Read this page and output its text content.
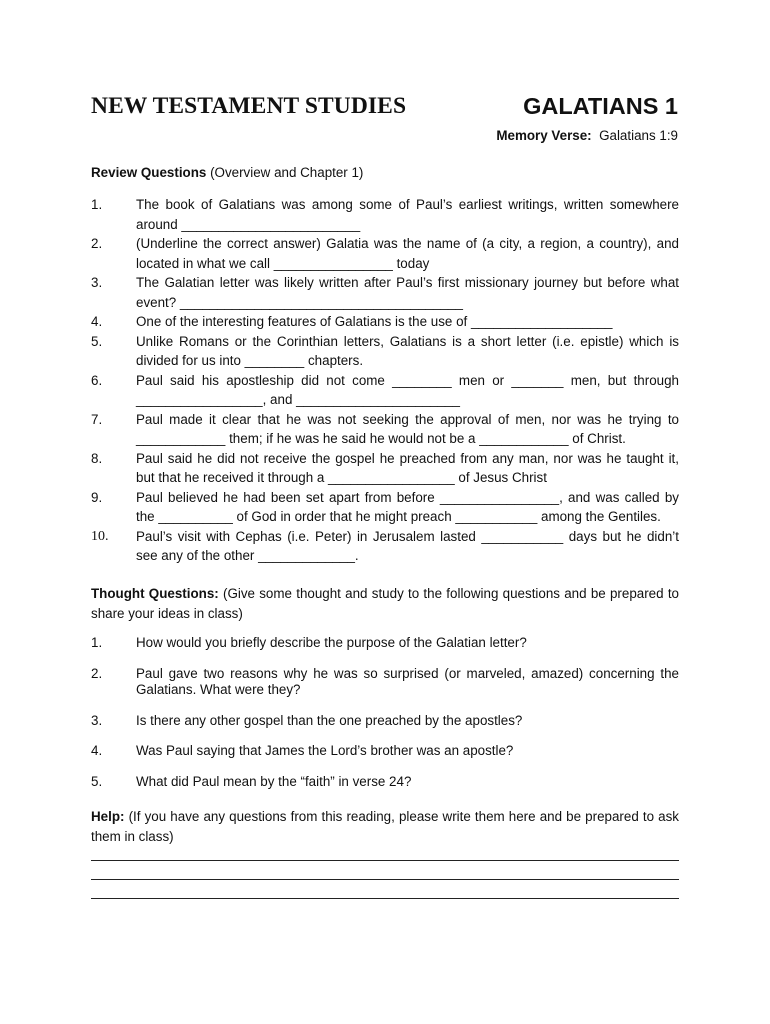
NEW TESTAMENT STUDIES	GALATIANS 1
Memory Verse: Galatians 1:9
Review Questions (Overview and Chapter 1)
1.	The book of Galatians was among some of Paul’s earliest writings, written somewhere around ________________________
2.	(Underline the correct answer) Galatia was the name of (a city, a region, a country), and located in what we call ________________ today
3.	The Galatian letter was likely written after Paul’s first missionary journey but before what event? ______________________________________
4.	One of the interesting features of Galatians is the use of ___________________
5.	Unlike Romans or the Corinthian letters, Galatians is a short letter (i.e. epistle) which is divided for us into ________ chapters.
6.	Paul said his apostleship did not come ________ men or _______ men, but through _________________, and ______________________
7.	Paul made it clear that he was not seeking the approval of men, nor was he trying to ____________ them; if he was he said he would not be a ____________ of Christ.
8.	Paul said he did not receive the gospel he preached from any man, nor was he taught it, but that he received it through a _________________ of Jesus Christ
9.	Paul believed he had been set apart from before ________________, and was called by the __________ of God in order that he might preach ___________ among the Gentiles.
10. Paul’s visit with Cephas (i.e. Peter) in Jerusalem lasted ___________ days but he didn’t see any of the other _____________.
Thought Questions: (Give some thought and study to the following questions and be prepared to share your ideas in class)
1.	How would you briefly describe the purpose of the Galatian letter?
2.	Paul gave two reasons why he was so surprised (or marveled, amazed) concerning the Galatians. What were they?
3.	Is there any other gospel than the one preached by the apostles?
4.	Was Paul saying that James the Lord’s brother was an apostle?
5.	What did Paul mean by the “faith” in verse 24?
Help: (If you have any questions from this reading, please write them here and be prepared to ask them in class)
